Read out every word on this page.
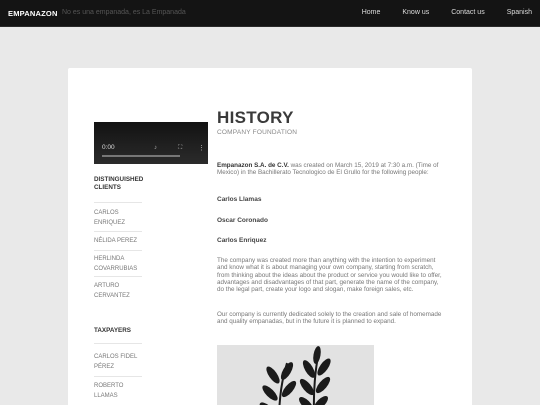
EMPANAZON No es una empanada, es La Empanada	Home	Know us	Contact us	Spanish
0:00	♪	⛶ ⋮
DISTINGUISHED CLIENTS
CARLOS
ENRIQUEZ
NÉLIDA PEREZ
HERLINDA
COVARRUBIAS
ARTURO
CERVANTEZ
TAXPAYERS
CARLOS FIDEL
PÉREZ
ROBERTO
LLAMAS
HISTORY
COMPANY FOUNDATION

Empanazon S.A. de C.V. was created on March 15, 2019 at 7:30 a.m. (Time of Mexico) in the Bachillerato Tecnologico de El Grullo for the following people:

Carlos Llamas
Oscar Coronado
Carlos Enriquez

The company was created more than anything with the intention to experiment and know what it is about managing your own company, starting from scratch, from thinking about the ideas about the product or service you would like to offer, advantages and disadvantages of that part, generate the name of the company, do the legal part, create your logo and slogan, make foreign sales, etc.

Our company is currently dedicated solely to the creation and sale of homemade and quality empanadas, but in the future it is planned to expand.
